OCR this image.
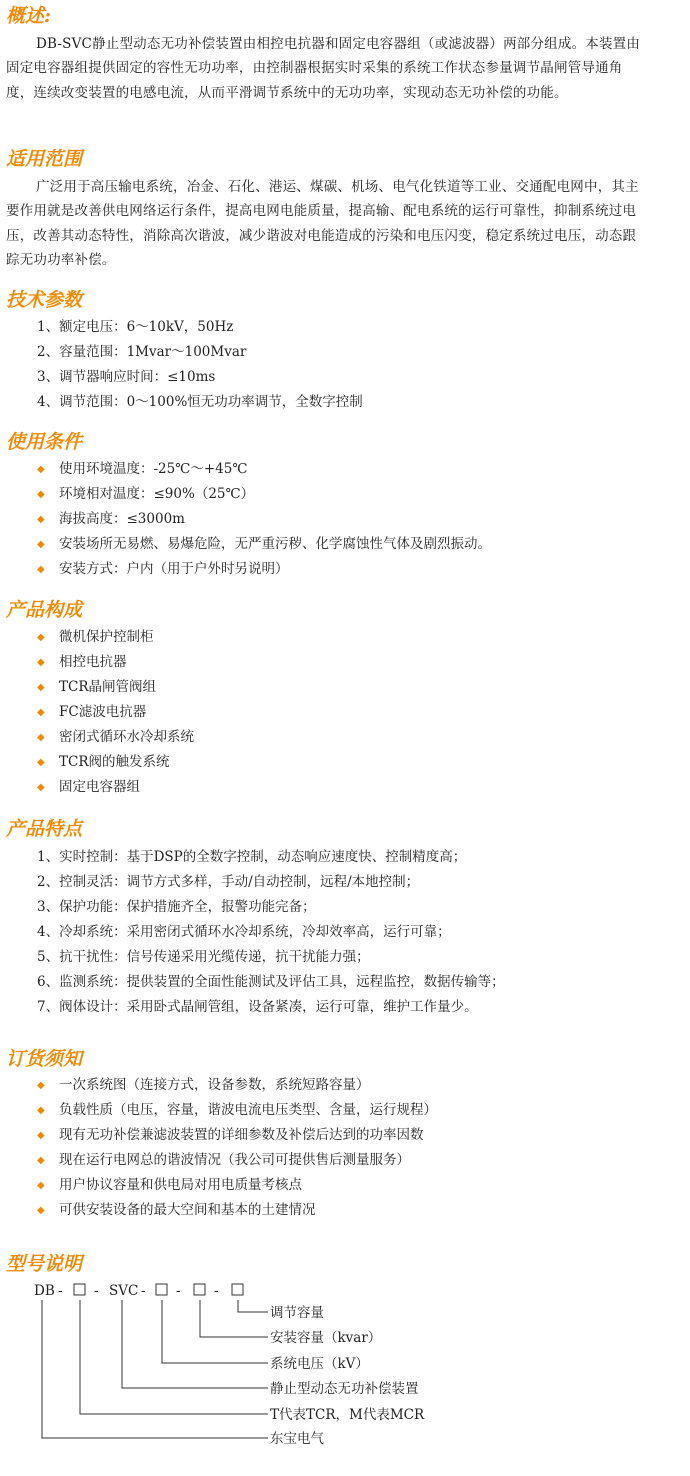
概述:

DB-SVC静止型动态无功补偿装置由相控电抗器和固定电容器组（或滤波器）两部分组成。本装置由固定电容器组提供固定的容性无功功率，由控制器根据实时采集的系统工作状态参量调节晶闸管导通角度，连续改变装置的电感电流，从而平滑调节系统中的无功功率，实现动态无功补偿的功能。

适用范围

广泛用于高压输电系统，冶金、石化、港运、煤碳、机场、电气化铁道等工业、交通配电网中，其主要作用就是改善供电网络运行条件，提高电网电能质量，提高输、配电系统的运行可靠性，抑制系统过电压，改善其动态特性，消除高次谐波，减少谐波对电能造成的污染和电压闪变，稳定系统过电压，动态跟踪无功功率补偿。

技术参数
1、额定电压：6～10kV，50Hz
2、容量范围：1Mvar～100Mvar
3、调节器响应时间：≤10ms
4、调节范围：0～100%恒无功功率调节，全数字控制
使用条件
◆ 使用环境温度：-25℃～+45℃
◆ 环境相对温度：≤90%（25℃）
◆ 海拔高度：≤3000m
◆ 安装场所无易燃、易爆危险，无严重污秽、化学腐蚀性气体及剧烈振动。
◆ 安装方式：户内（用于户外时另说明）
产品构成
◆ 微机保护控制柜
◆ 相控电抗器
◆ TCR晶闸管阀组
◆ FC滤波电抗器
◆ 密闭式循环水冷却系统
◆ TCR阀的触发系统
◆ 固定电容器组
产品特点
1、实时控制：基于DSP的全数字控制，动态响应速度快、控制精度高；
2、控制灵活：调节方式多样，手动/自动控制，远程/本地控制；
3、保护功能：保护措施齐全，报警功能完备；
4、冷却系统：采用密闭式循环水冷却系统，冷却效率高，运行可靠；
5、抗干扰性：信号传递采用光缆传递，抗干扰能力强；
6、监测系统：提供装置的全面性能测试及评估工具，远程监控，数据传输等；
7、阀体设计：采用卧式晶闸管组，设备紧凑，运行可靠，维护工作量少。
订货须知
◆ 一次系统图（连接方式，设备参数，系统短路容量）
◆ 负载性质（电压，容量，谐波电流电压类型、含量，运行规程）
◆ 现有无功补偿兼滤波装置的详细参数及补偿后达到的功率因数
◆ 现在运行电网总的谐波情况（我公司可提供售后测量服务）
◆ 用户协议容量和供电局对用电质量考核点
◆ 可供安装设备的最大空间和基本的土建情况
型号说明
DB - - SVC - - -
调节容量
安装容量（kvar）
系统电压（kV）
静止型动态无功补偿装置
T代表TCR，M代表MCR
东宝电气
